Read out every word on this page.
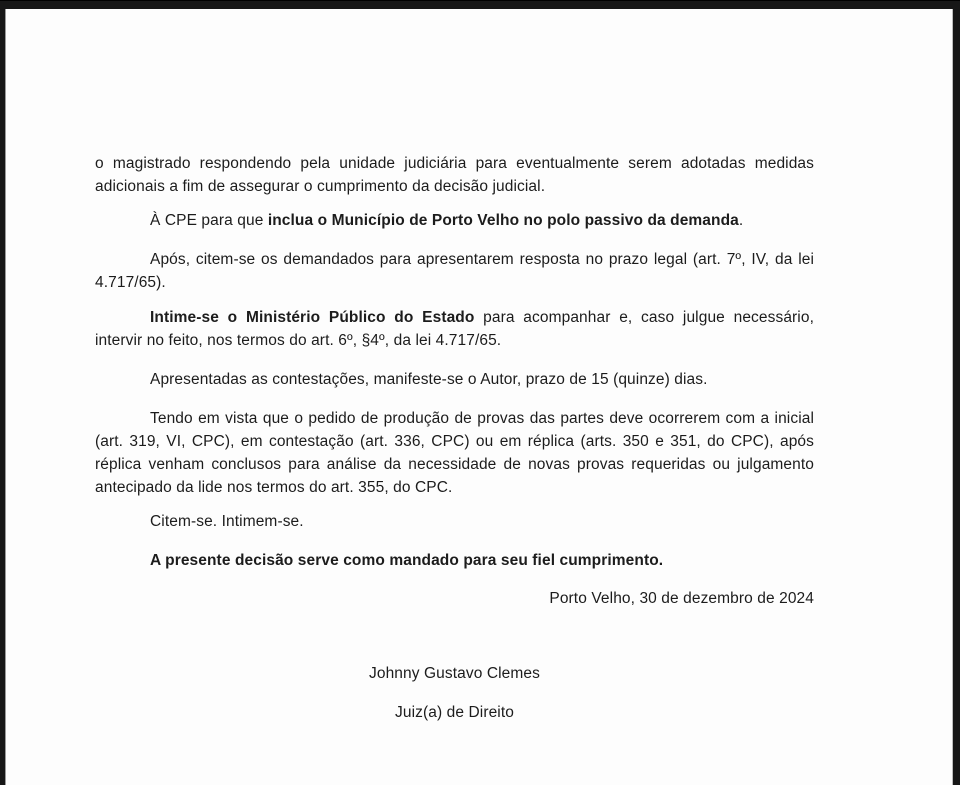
o magistrado respondendo pela unidade judiciária para eventualmente serem adotadas medidas adicionais a fim de assegurar o cumprimento da decisão judicial.

À CPE para que inclua o Município de Porto Velho no polo passivo da demanda.

Após, citem-se os demandados para apresentarem resposta no prazo legal (art. 7º, IV, da lei 4.717/65).

Intime-se o Ministério Público do Estado para acompanhar e, caso julgue necessário, intervir no feito, nos termos do art. 6º, §4º, da lei 4.717/65.

Apresentadas as contestações, manifeste-se o Autor, prazo de 15 (quinze) dias.

Tendo em vista que o pedido de produção de provas das partes deve ocorrerem com a inicial (art. 319, VI, CPC), em contestação (art. 336, CPC) ou em réplica (arts. 350 e 351, do CPC), após réplica venham conclusos para análise da necessidade de novas provas requeridas ou julgamento antecipado da lide nos termos do art. 355, do CPC.

Citem-se. Intimem-se.

A presente decisão serve como mandado para seu fiel cumprimento.

Porto Velho, 30 de dezembro de 2024

Johnny Gustavo Clemes

Juiz(a) de Direito
